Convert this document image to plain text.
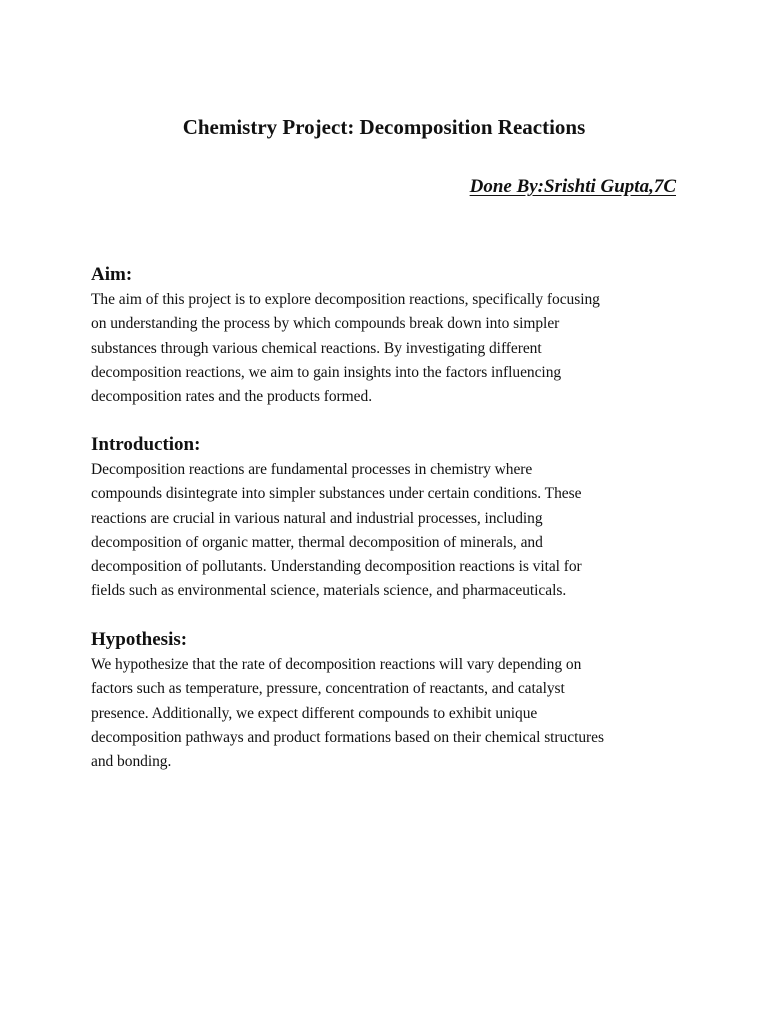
Chemistry Project: Decomposition Reactions

Done By:Srishti Gupta,7C

Aim:

The aim of this project is to explore decomposition reactions, specifically focusing
on understanding the process by which compounds break down into simpler
substances through various chemical reactions. By investigating different
decomposition reactions, we aim to gain insights into the factors influencing
decomposition rates and the products formed.

Introduction:

Decomposition reactions are fundamental processes in chemistry where
compounds disintegrate into simpler substances under certain conditions. These
reactions are crucial in various natural and industrial processes, including
decomposition of organic matter, thermal decomposition of minerals, and
decomposition of pollutants. Understanding decomposition reactions is vital for
fields such as environmental science, materials science, and pharmaceuticals.

Hypothesis:

We hypothesize that the rate of decomposition reactions will vary depending on
factors such as temperature, pressure, concentration of reactants, and catalyst
presence. Additionally, we expect different compounds to exhibit unique
decomposition pathways and product formations based on their chemical structures
and bonding.
